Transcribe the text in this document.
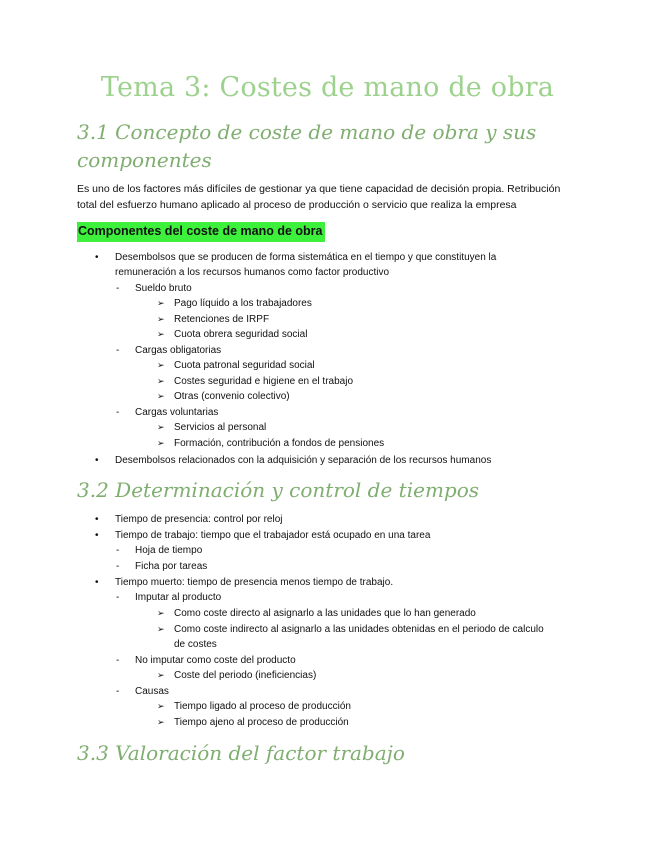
Tema 3: Costes de mano de obra
3.1 Concepto de coste de mano de obra y sus
componentes
Es uno de los factores más difíciles de gestionar ya que tiene capacidad de decisión propia. Retribución
total del esfuerzo humano aplicado al proceso de producción o servicio que realiza la empresa
Componentes del coste de mano de obra
• Desembolsos que se producen de forma sistemática en el tiempo y que constituyen la
remuneración a los recursos humanos como factor productivo
- Sueldo bruto
➢ Pago líquido a los trabajadores
➢ Retenciones de IRPF
➢ Cuota obrera seguridad social
- Cargas obligatorias
➢ Cuota patronal seguridad social
➢ Costes seguridad e higiene en el trabajo
➢ Otras (convenio colectivo)
- Cargas voluntarias
➢ Servicios al personal
➢ Formación, contribución a fondos de pensiones
• Desembolsos relacionados con la adquisición y separación de los recursos humanos
3.2 Determinación y control de tiempos
• Tiempo de presencia: control por reloj
• Tiempo de trabajo: tiempo que el trabajador está ocupado en una tarea
- Hoja de tiempo
- Ficha por tareas
• Tiempo muerto: tiempo de presencia menos tiempo de trabajo.
- Imputar al producto
➢ Como coste directo al asignarlo a las unidades que lo han generado
➢ Como coste indirecto al asignarlo a las unidades obtenidas en el periodo de calculo
de costes
- No imputar como coste del producto
➢ Coste del periodo (ineficiencias)
- Causas
➢ Tiempo ligado al proceso de producción
➢ Tiempo ajeno al proceso de producción
3.3 Valoración del factor trabajo
